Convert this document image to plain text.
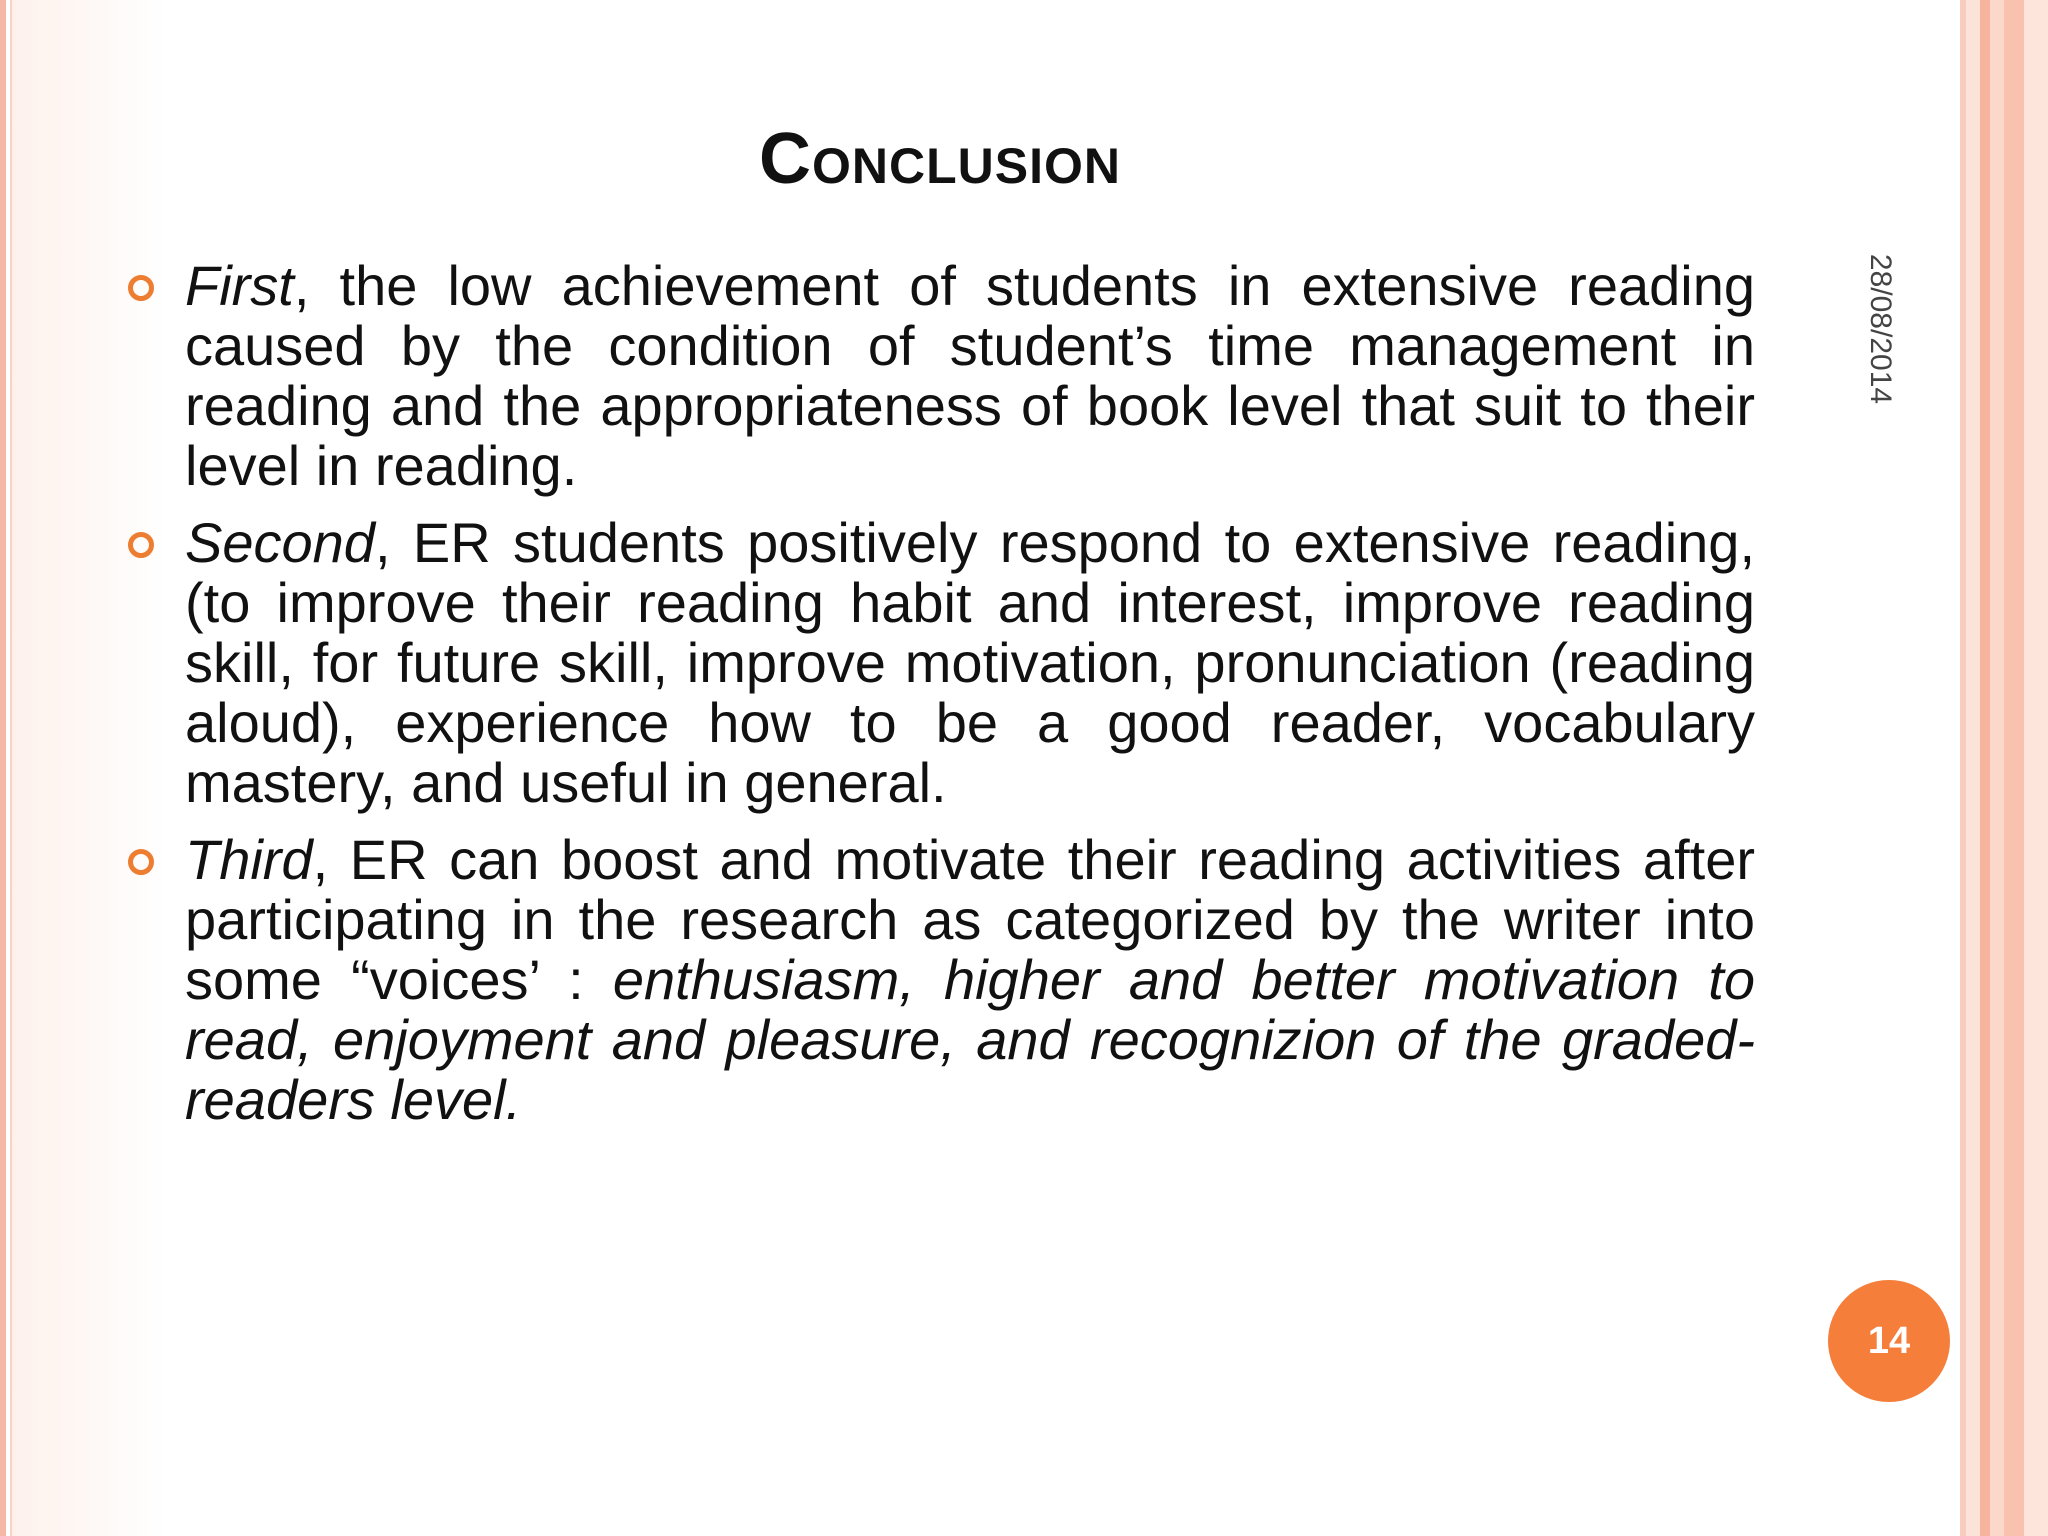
Conclusion
First, the low achievement of students in extensive reading caused by the condition of student’s time management in reading and the appropriateness of book level that suit to their level in reading.
Second, ER students positively respond to extensive reading, (to improve their reading habit and interest, improve reading skill, for future skill, improve motivation, pronunciation (reading aloud), experience how to be a good reader, vocabulary mastery, and useful in general.
Third, ER can boost and motivate their reading activities after participating in the research as categorized by the writer into some “voices’ : enthusiasm, higher and better motivation to read, enjoyment and pleasure, and recognizion of the graded-readers level.
28/08/2014
14
